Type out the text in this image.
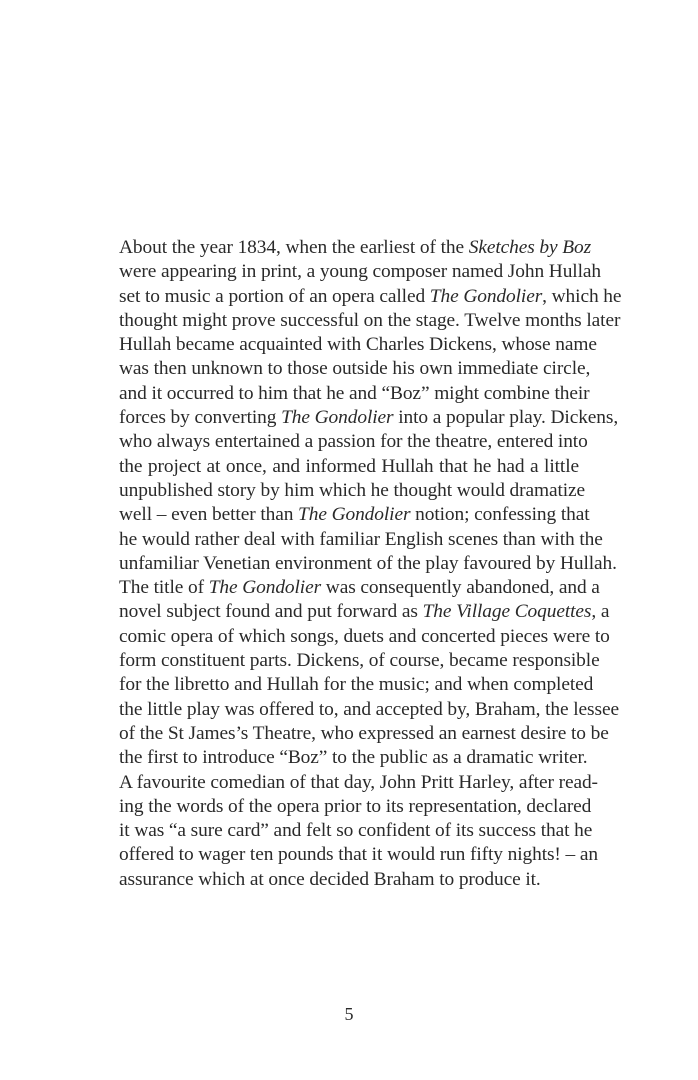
About the year 1834, when the earliest of the Sketches by Boz
were appearing in print, a young composer named John Hullah
set to music a portion of an opera called The Gondolier, which he
thought might prove successful on the stage. Twelve months later
Hullah became acquainted with Charles Dickens, whose name
was then unknown to those outside his own immediate circle,
and it occurred to him that he and “Boz” might combine their
forces by converting The Gondolier into a popular play. Dickens,
who always entertained a passion for the theatre, entered into
the project at once, and informed Hullah that he had a little
unpublished story by him which he thought would dramatize
well – even better than The Gondolier notion; confessing that
he would rather deal with familiar English scenes than with the
unfamiliar Venetian environment of the play favoured by Hullah.
The title of The Gondolier was consequently abandoned, and a
novel subject found and put forward as The Village Coquettes, a
comic opera of which songs, duets and concerted pieces were to
form constituent parts. Dickens, of course, became responsible
for the libretto and Hullah for the music; and when completed
the little play was offered to, and accepted by, Braham, the lessee
of the St James’s Theatre, who expressed an earnest desire to be
the first to introduce “Boz” to the public as a dramatic writer.
A favourite comedian of that day, John Pritt Harley, after read-
ing the words of the opera prior to its representation, declared
it was “a sure card” and felt so confident of its success that he
offered to wager ten pounds that it would run fifty nights! – an
assurance which at once decided Braham to produce it.
5
